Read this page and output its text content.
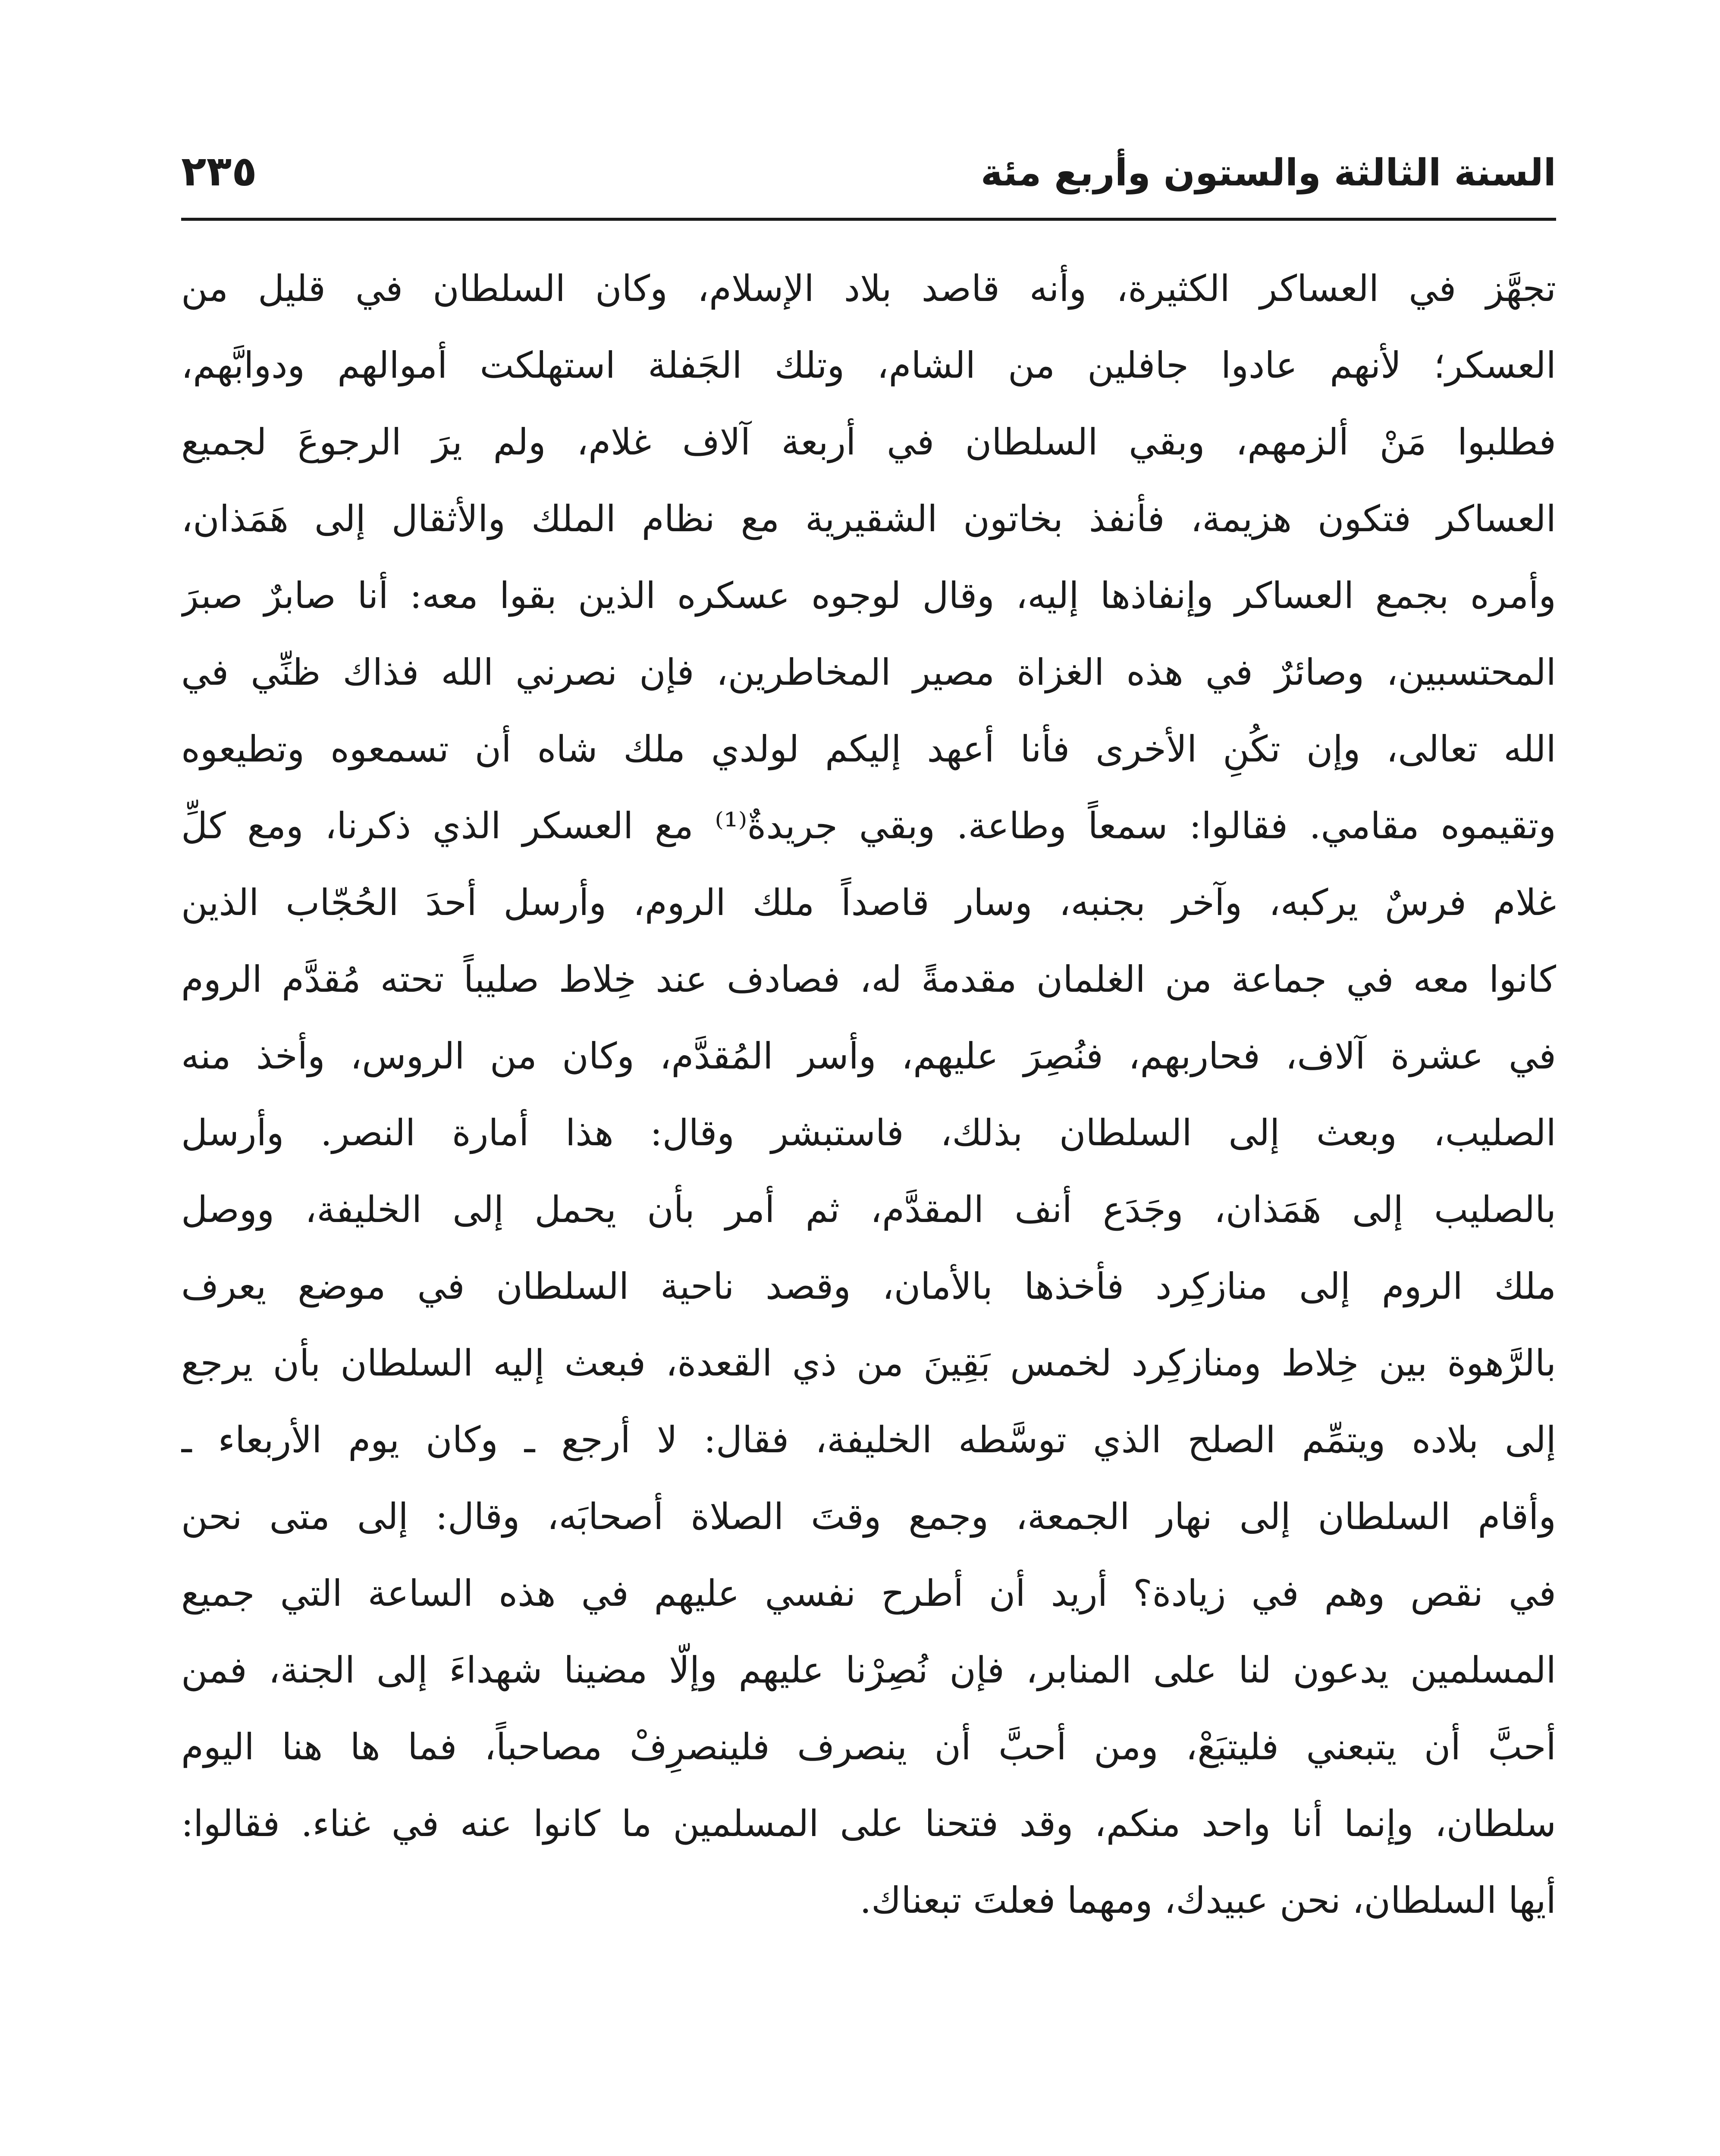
السنة الثالثة والستون وأربع مئة
٢٣٥
تجهَّز في العساكر الكثيرة، وأنه قاصد بلاد الإسلام، وكان السلطان في قليل من
العسكر؛ لأنهم عادوا جافلين من الشام، وتلك الجَفلة استهلكت أموالهم ودوابَّهم،
فطلبوا مَنْ ألزمهم، وبقي السلطان في أربعة آلاف غلام، ولم يرَ الرجوعَ لجميع
العساكر فتكون هزيمة، فأنفذ بخاتون الشقيرية مع نظام الملك والأثقال إلى هَمَذان،
وأمره بجمع العساكر وإنفاذها إليه، وقال لوجوه عسكره الذين بقوا معه: أنا صابرٌ صبرَ
المحتسبين، وصائرٌ في هذه الغزاة مصير المخاطرين، فإن نصرني الله فذاك ظنِّي في
الله تعالى، وإن تكُنِ الأخرى فأنا أعهد إليكم لولدي ملك شاه أن تسمعوه وتطيعوه
وتقيموه مقامي. فقالوا: سمعاً وطاعة. وبقي جريدةٌ⁽¹⁾ مع العسكر الذي ذكرنا، ومع كلِّ
غلام فرسٌ يركبه، وآخر بجنبه، وسار قاصداً ملك الروم، وأرسل أحدَ الحُجّاب الذين
كانوا معه في جماعة من الغلمان مقدمةً له، فصادف عند خِلاط صليباً تحته مُقدَّم الروم
في عشرة آلاف، فحاربهم، فنُصِرَ عليهم، وأسر المُقدَّم، وكان من الروس، وأخذ منه
الصليب، وبعث إلى السلطان بذلك، فاستبشر وقال: هذا أمارة النصر. وأرسل
بالصليب إلى هَمَذان، وجَدَع أنف المقدَّم، ثم أمر بأن يحمل إلى الخليفة، ووصل
ملك الروم إلى منازكِرد فأخذها بالأمان، وقصد ناحية السلطان في موضع يعرف
بالرَّهوة بين خِلاط ومنازكِرد لخمس بَقِينَ من ذي القعدة، فبعث إليه السلطان بأن يرجع
إلى بلاده ويتمِّم الصلح الذي توسَّطه الخليفة، فقال: لا أرجع ـ وكان يوم الأربعاء ـ
وأقام السلطان إلى نهار الجمعة، وجمع وقتَ الصلاة أصحابَه، وقال: إلى متى نحن
في نقص وهم في زيادة؟ أريد أن أطرح نفسي عليهم في هذه الساعة التي جميع
المسلمين يدعون لنا على المنابر، فإن نُصِرْنا عليهم وإلّا مضينا شهداءَ إلى الجنة، فمن
أحبَّ أن يتبعني فليتبَعْ، ومن أحبَّ أن ينصرف فلينصرِفْ مصاحباً، فما ها هنا اليوم
سلطان، وإنما أنا واحد منكم، وقد فتحنا على المسلمين ما كانوا عنه في غناء. فقالوا:
أيها السلطان، نحن عبيدك، ومهما فعلتَ تبعناك.
